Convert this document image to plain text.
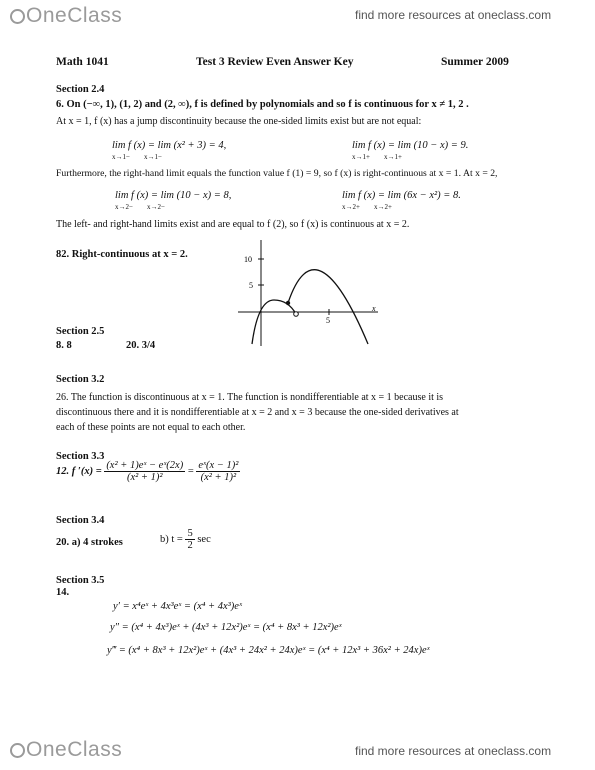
OneClass	find more resources at oneclass.com
Math 1041	Test 3 Review Even Answer Key	Summer 2009
Section 2.4
6. On (−∞, 1), (1, 2) and (2, ∞), f is defined by polynomials and so f is continuous for x ≠ 1, 2 .
At x = 1, f (x) has a jump discontinuity because the one-sided limits exist but are not equal:
lim f (x) = lim (x² + 3) = 4,
x→1−        x→1−
lim f (x) = lim (10 − x) = 9.
x→1+        x→1+
Furthermore, the right-hand limit equals the function value f (1) = 9, so f (x) is right-continuous at x = 1. At x = 2,
lim f (x) = lim (10 − x) = 8,
x→2−        x→2−
lim f (x) = lim (6x − x²) = 8.
x→2+        x→2+
The left- and right-hand limits exist and are equal to f (2), so f (x) is continuous at x = 2.
82. Right-continuous at x = 2.	10
5
5
x
Section 2.5
8. 8	20. 3/4
Section 3.2
26. The function is discontinuous at x = 1. The function is nondifferentiable at x = 1 because it is
discontinuous there and it is nondifferentiable at x = 2 and x = 3 because the one-sided derivatives at
each of these points are not equal to each other.
Section 3.3
12. f $'(x) = \frac{\text{(x² + 1)eˣ − eˣ(2x)}}{\text{(x² + 1)²}} = \frac{\text{eˣ(x − 1)²}}{\text{(x² + 1)²}}$
Section 3.4
20. a) 4 strokes	b) $t = \frac{5}{2}$ sec
Section 3.5
14.
y′ = x⁴eˣ + 4x³eˣ = (x⁴ + 4x³)eˣ
y″ = (x⁴ + 4x³)eˣ + (4x³ + 12x²)eˣ = (x⁴ + 8x³ + 12x²)eˣ
y‴ = (x⁴ + 8x³ + 12x²)eˣ + (4x³ + 24x² + 24x)eˣ = (x⁴ + 12x³ + 36x² + 24x)eˣ
OneClass	find more resources at oneclass.com
